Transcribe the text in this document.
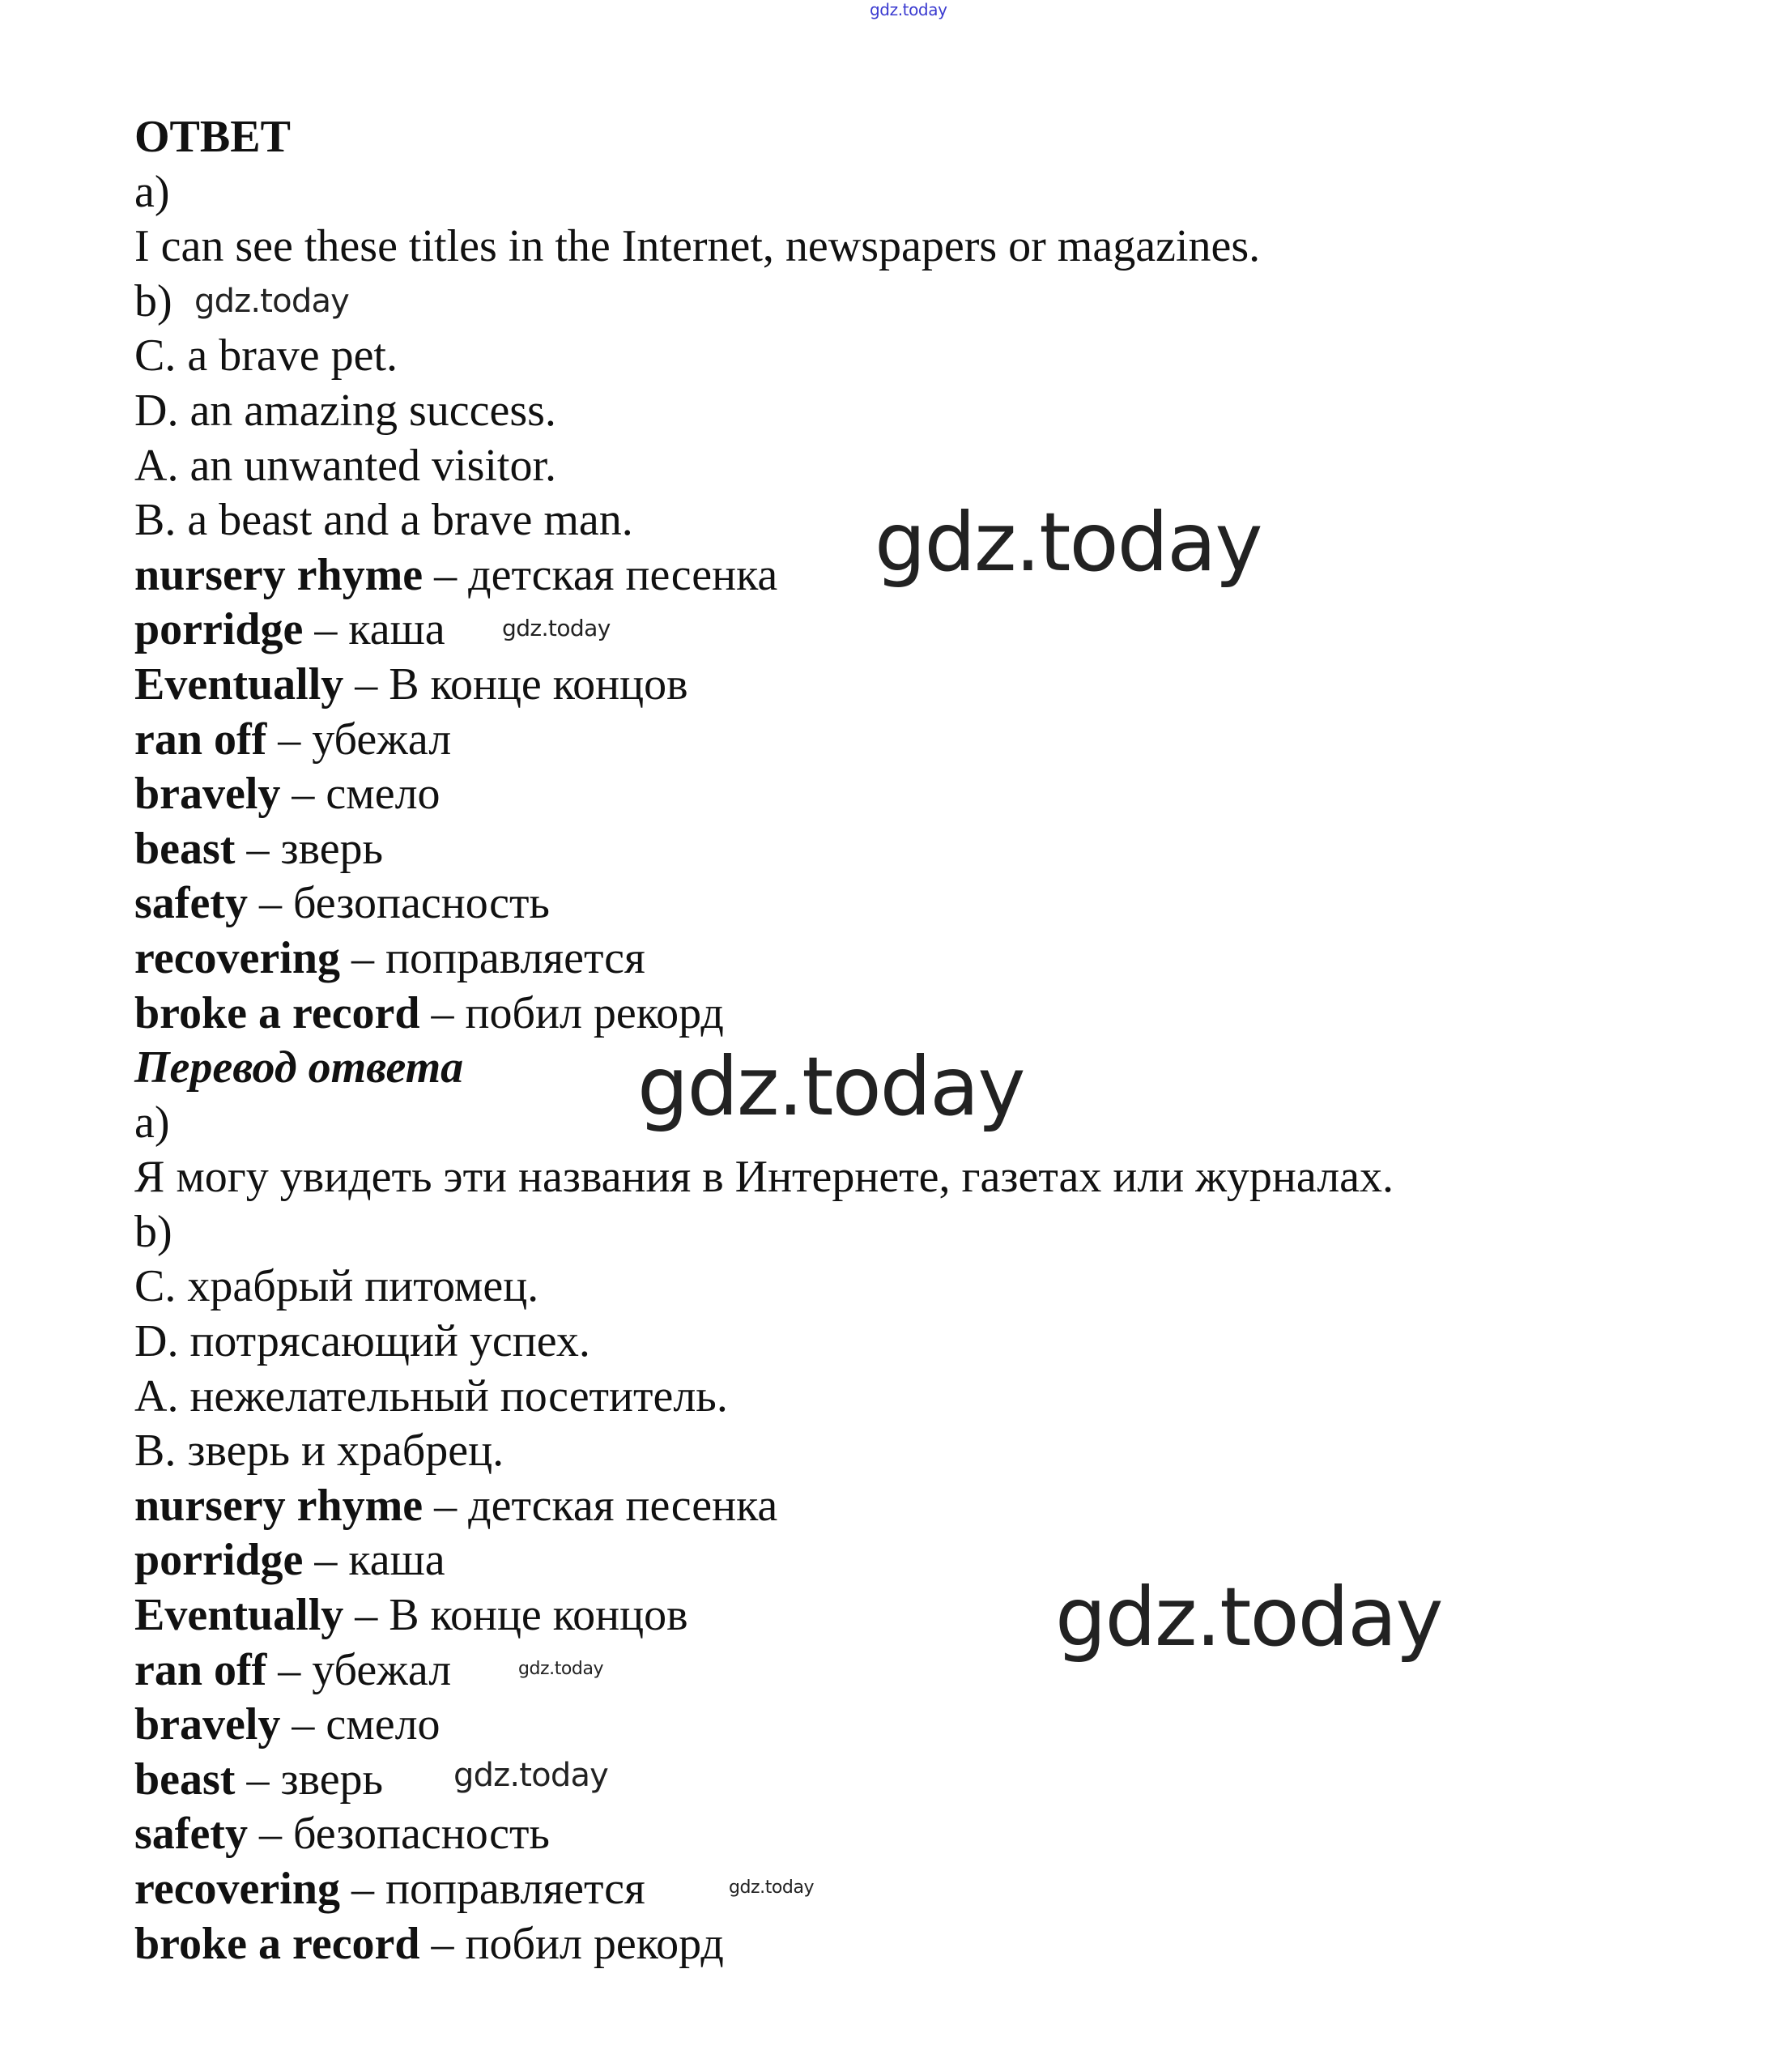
ОТВЕТ
a)
I can see these titles in the Internet, newspapers or magazines.
b)
C. a brave pet.
D. an amazing success.
A. an unwanted visitor.
B. a beast and a brave man.
nursery rhyme – детская песенка
porridge – каша
Eventually – В конце концов
ran off – убежал
bravely – смело
beast – зверь
safety – безопасность
recovering – поправляется
broke a record – побил рекорд
Перевод ответа
a)
Я могу увидеть эти названия в Интернете, газетах или журналах.
b)
C. храбрый питомец.
D. потрясающий успех.
A. нежелательный посетитель.
B. зверь и храбрец.
nursery rhyme – детская песенка
porridge – каша
Eventually – В конце концов
ran off – убежал
bravely – смело
beast – зверь
safety – безопасность
recovering – поправляется
broke a record – побил рекорд
gdz.today
gdz.today
gdz.today
gdz.today
gdz.today
gdz.today
gdz.today
gdz.today
gdz.today
